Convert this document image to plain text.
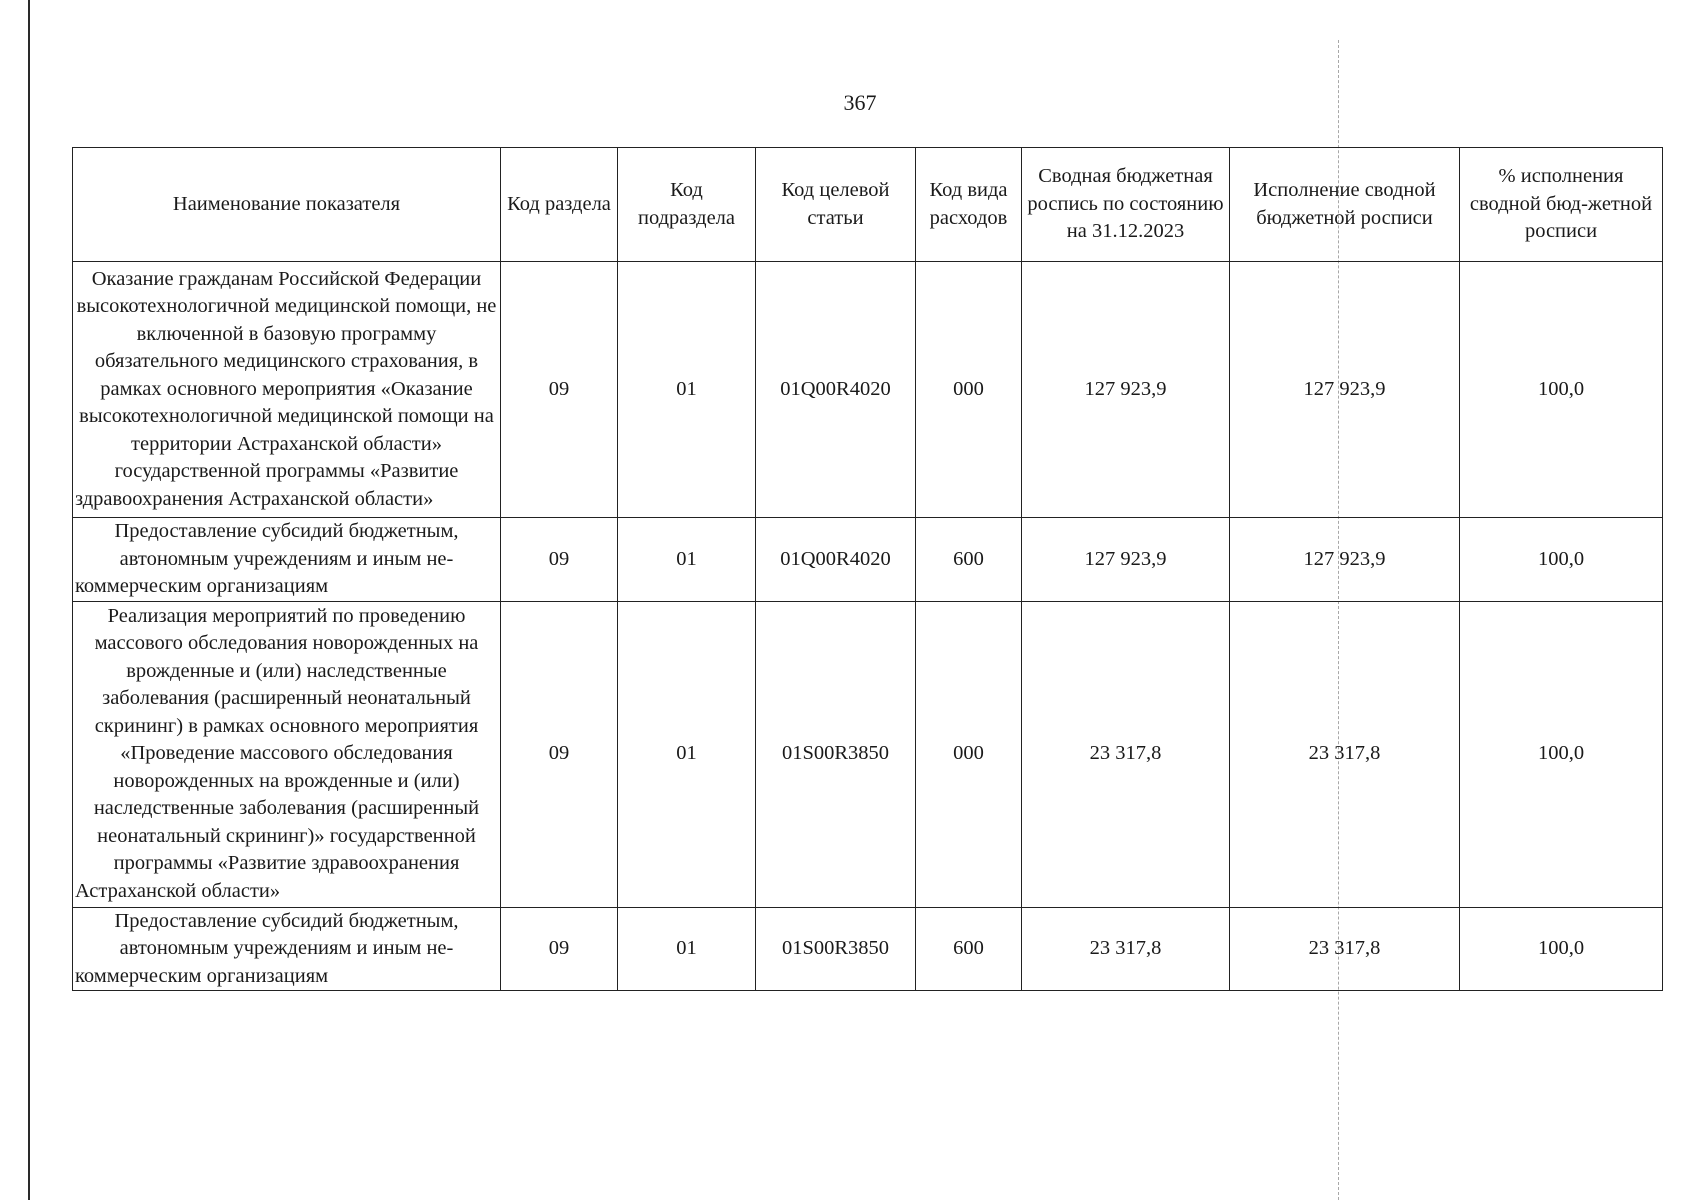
367
Наименование показателя	Код раздела	Код подраздела	Код целевой статьи	Код вида расходов	Сводная бюджетная роспись по состоянию на 31.12.2023	Исполнение сводной бюджетной росписи	% исполнения сводной бюд-жетной росписи
Оказание гражданам Российской Федерации высокотехнологичной медицинской помощи, не включенной в базовую программу обязательного медицинского страхования, в рамках основного мероприятия «Оказание высокотехнологичной медицинской помощи на территории Астраханской области» государственной программы «Развитие здравоохранения Астраханской области»	09	01	01Q00R4020	000	127 923,9	127 923,9	100,0
Предоставление субсидий бюджетным, автономным учреждениям и иным некоммерческим организациям	09	01	01Q00R4020	600	127 923,9	127 923,9	100,0
Реализация мероприятий по проведению массового обследования новорожденных на врожденные и (или) наследственные заболевания (расширенный неонатальный скрининг) в рамках основного мероприятия «Проведение массового обследования новорожденных на врожденные и (или) наследственные заболевания (расширенный неонатальный скрининг)» государственной программы «Развитие здравоохранения Астраханской области»	09	01	01S00R3850	000	23 317,8	23 317,8	100,0
Предоставление субсидий бюджетным, автономным учреждениям и иным некоммерческим организациям	09	01	01S00R3850	600	23 317,8	23 317,8	100,0
